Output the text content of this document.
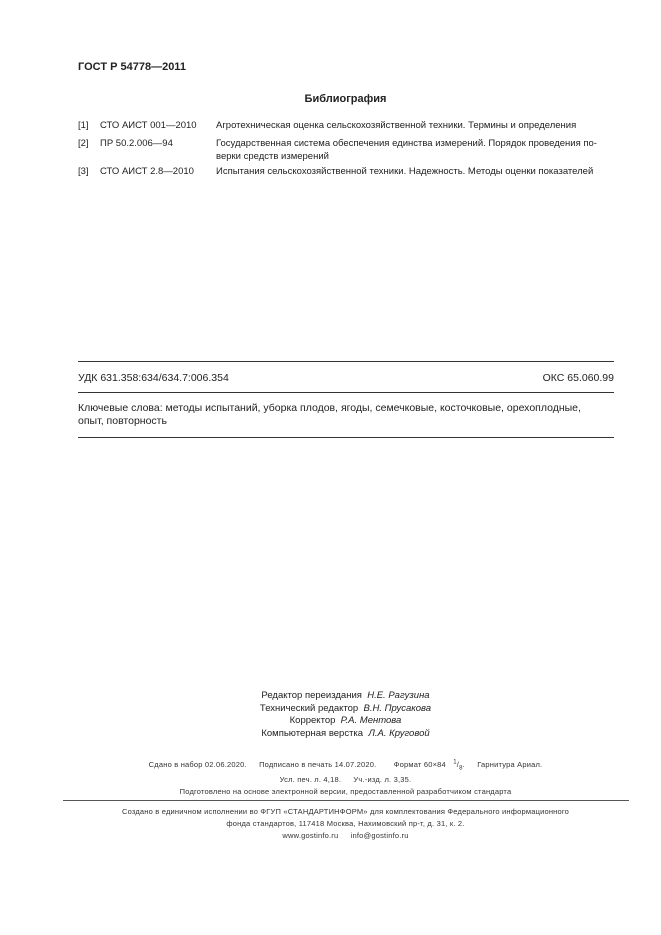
ГОСТ Р 54778—2011
Библиография
[1] СТО АИСТ 001—2010 Агротехническая оценка сельскохозяйственной техники. Термины и определения
[2] ПР 50.2.006—94	Государственная система обеспечения единства измерений. Порядок проведения по-
верки средств измерений
[3] СТО АИСТ 2.8—2010 Испытания сельскохозяйственной техники. Надежность. Методы оценки показателей
УДК 631.358:634/634.7:006.354	ОКС 65.060.99
Ключевые слова: методы испытаний, уборка плодов, ягоды, семечковые, косточковые, орехоплодные,
опыт, повторность
Редактор переиздания Н.Е. Рагузина
Технический редактор В.Н. Прусакова
Корректор Р.А. Ментова
Компьютерная верстка Л.А. Круговой
Сдано в набор 02.06.2020. Подписано в печать 14.07.2020. Формат 60×84 $^1/_8$. Гарнитура Ариал.
Усл. печ. л. 4,18. Уч.-изд. л. 3,35.
Подготовлено на основе электронной версии, предоставленной разработчиком стандарта
Создано в единичном исполнении во ФГУП «СТАНДАРТИНФОРМ» для комплектования Федерального информационного
фонда стандартов, 117418 Москва, Нахимовский пр-т, д. 31, к. 2.
www.gostinfo.ru info@gostinfo.ru
